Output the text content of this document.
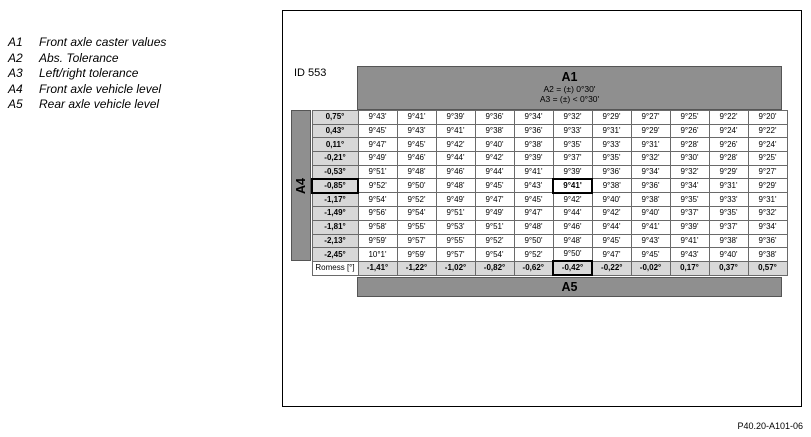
A1	Front axle caster values
A2	Abs. Tolerance
A3	Left/right tolerance
A4	Front axle vehicle level
A5	Rear axle vehicle level
ID 553	A1
A2 = (±) 0°30'
A3 = (±) < 0°30'
A4
0,75°	9°43'	9°41'	9°39'	9°36'	9°34'	9°32'	9°29'	9°27'	9°25'	9°22'	9°20'
0,43°	9°45'	9°43'	9°41'	9°38'	9°36'	9°33'	9°31'	9°29'	9°26'	9°24'	9°22'
0,11°	9°47'	9°45'	9°42'	9°40'	9°38'	9°35'	9°33'	9°31'	9°28'	9°26'	9°24'
-0,21°	9°49'	9°46'	9°44'	9°42'	9°39'	9°37'	9°35'	9°32'	9°30'	9°28'	9°25'
-0,53°	9°51'	9°48'	9°46'	9°44'	9°41'	9°39'	9°36'	9°34'	9°32'	9°29'	9°27'
-0,85°	9°52'	9°50'	9°48'	9°45'	9°43'	9°41'	9°38'	9°36'	9°34'	9°31'	9°29'
-1,17°	9°54'	9°52'	9°49'	9°47'	9°45'	9°42'	9°40'	9°38'	9°35'	9°33'	9°31'
-1,49°	9°56'	9°54'	9°51'	9°49'	9°47'	9°44'	9°42'	9°40'	9°37'	9°35'	9°32'
-1,81°	9°58'	9°55'	9°53'	9°51'	9°48'	9°46'	9°44'	9°41'	9°39'	9°37'	9°34'
-2,13°	9°59'	9°57'	9°55'	9°52'	9°50'	9°48'	9°45'	9°43'	9°41'	9°38'	9°36'
-2,45°	10°1'	9°59'	9°57'	9°54'	9°52'	9°50'	9°47'	9°45'	9°43'	9°40'	9°38'
Romess [°]	-1,41°	-1,22°	-1,02°	-0,82°	-0,62°	-0,42°	-0,22°	-0,02°	0,17°	0,37°	0,57°
A5
P40.20-A101-06
